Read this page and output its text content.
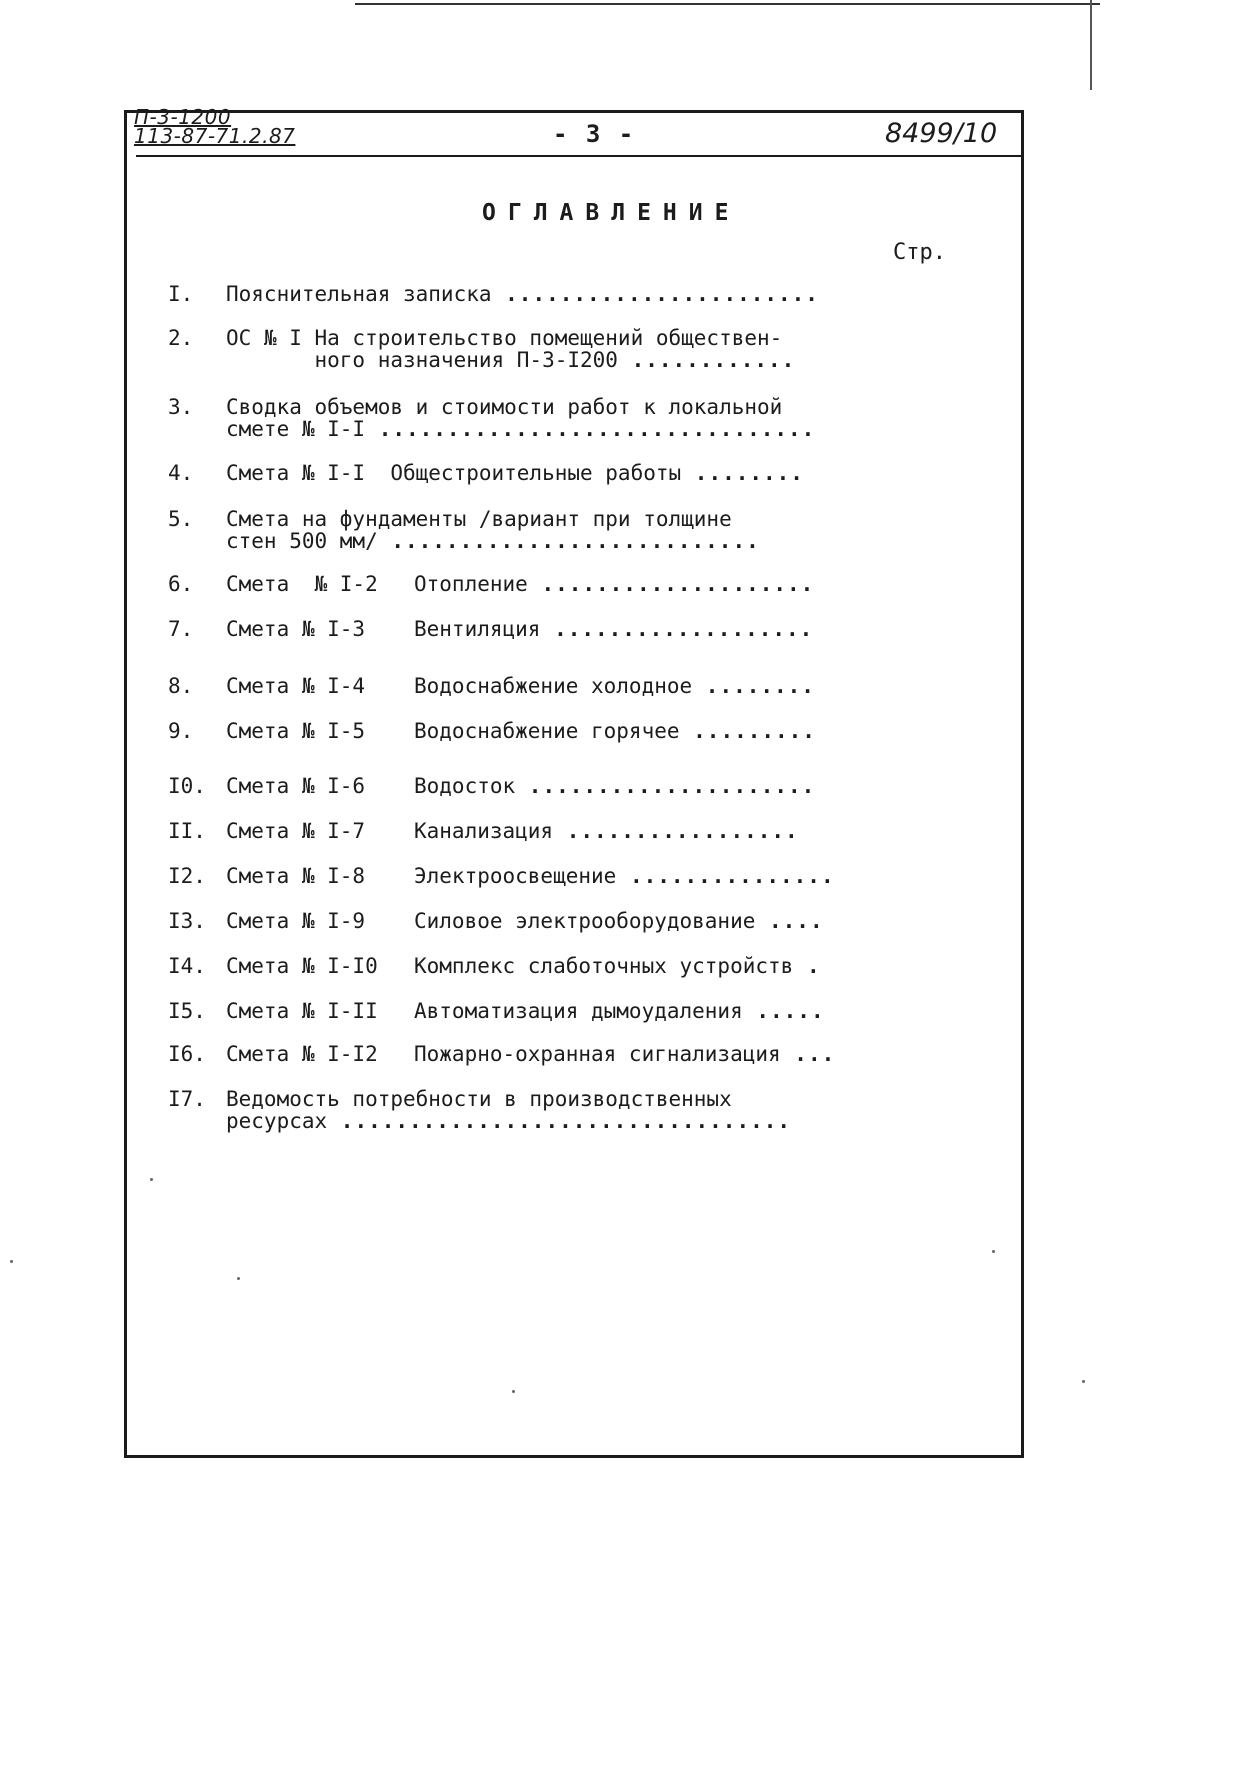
П-3-1200
113-87-71.2.87	- 3 -	8499/10
ОГЛАВЛЕНИЕ
Стр.
I. Пояснительная записка .......................
2. ОС № I На строительство помещений обществен-
ного назначения П-3-I200 ............
3. Сводка объемов и стоимости работ к локальной
смете № I-I ................................
4. Смета № I-I  Общестроительные работы ........
5. Смета на фундаменты /вариант при толщине
стен 500 мм/ ...........................
6. Смета  № I-2 Отопление ....................
7. Смета № I-3 Вентиляция ...................
8. Смета № I-4 Водоснабжение холодное ........
9. Смета № I-5 Водоснабжение горячее .........
I0. Смета № I-6 Водосток .....................
II. Смета № I-7 Канализация .................
I2. Смета № I-8 Электроосвещение ...............
I3. Смета № I-9 Силовое электрооборудование ....
I4. Смета № I-I0 Комплекс слаботочных устройств .
I5. Смета № I-II Автоматизация дымоудаления .....
I6. Смета № I-I2 Пожарно-охранная сигнализация ...
I7. Ведомость потребности в производственных
ресурсах .................................
